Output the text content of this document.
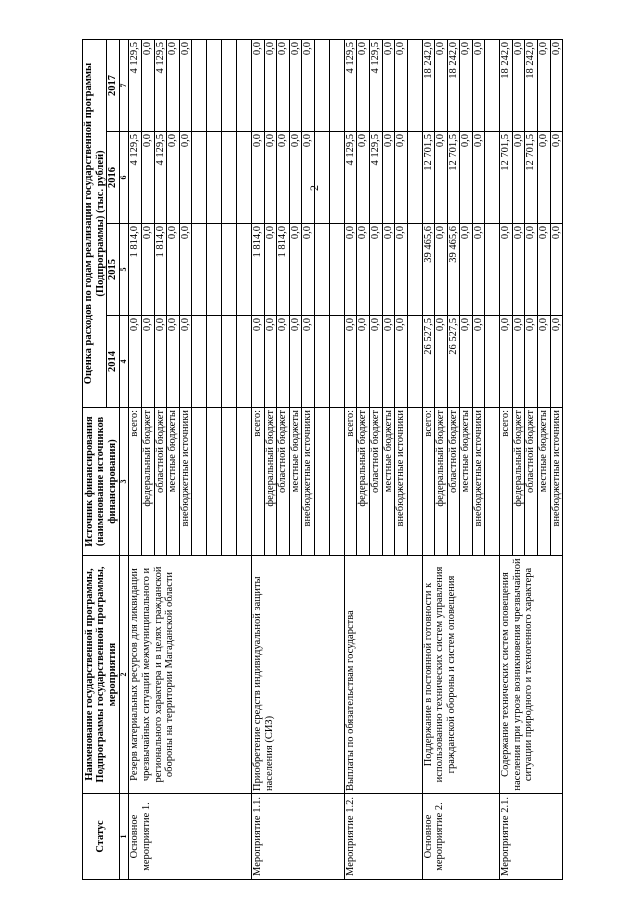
2
Статус	Наименование государственной программы, Подпрограммы государственной программы, мероприятия	Источник финансирования (наименование источников финансирования)	Оценка расходов по годам реализации государственной программы (Подпрограммы) (тыс. рублей)			
			2014	2015	2016	2017
1	2	3	4	5	6	7
Основное мероприятие 1.	Резерв материальных ресурсов для ликвидации чрезвычайных ситуаций межмуниципального и регионального характера и в целях гражданской обороны на территории Магаданской области	всего:	0,0	1 814,0	4 129,5	4 129,5
		федеральный бюджет	0,0	0,0	0,0	0,0
		областной бюджет	0,0	1 814,0	4 129,5	4 129,5
		местные бюджеты	0,0	0,0	0,0	0,0
		внебюджетные источники	0,0	0,0	0,0	0,0

Мероприятие 1.1.	Приобретение средств индивидуальной защиты населения (СИЗ)	всего:	0,0	1 814,0	0,0	0,0
		федеральный бюджет	0,0	0,0	0,0	0,0
		областной бюджет	0,0	1 814,0	0,0	0,0
		местные бюджеты	0,0	0,0	0,0	0,0
		внебюджетные источники	0,0	0,0	0,0	0,0

Мероприятие 1.2.	Выплаты по обязательствам государства	всего:	0,0	0,0	4 129,5	4 129,5
		федеральный бюджет	0,0	0,0	0,0	0,0
		областной бюджет	0,0	0,0	4 129,5	4 129,5
		местные бюджеты	0,0	0,0	0,0	0,0
		внебюджетные источники	0,0	0,0	0,0	0,0

Основное мероприятие 2.	Поддержание в постоянной готовности к использованию технических систем управления гражданской обороны и систем оповещения	всего:	26 527,5	39 465,6	12 701,5	18 242,0
		федеральный бюджет	0,0	0,0	0,0	0,0
		областной бюджет	26 527,5	39 465,6	12 701,5	18 242,0
		местные бюджеты	0,0	0,0	0,0	0,0
		внебюджетные источники	0,0	0,0	0,0	0,0

Мероприятие 2.1.	Содержание технических систем оповещения населения при угрозе возникновения чрезвычайной ситуации природного и техногенного характера	всего:	0,0	0,0	12 701,5	18 242,0
		федеральный бюджет	0,0	0,0	0,0	0,0
		областной бюджет	0,0	0,0	12 701,5	18 242,0
		местные бюджеты	0,0	0,0	0,0	0,0
		внебюджетные источники	0,0	0,0	0,0	0,0
